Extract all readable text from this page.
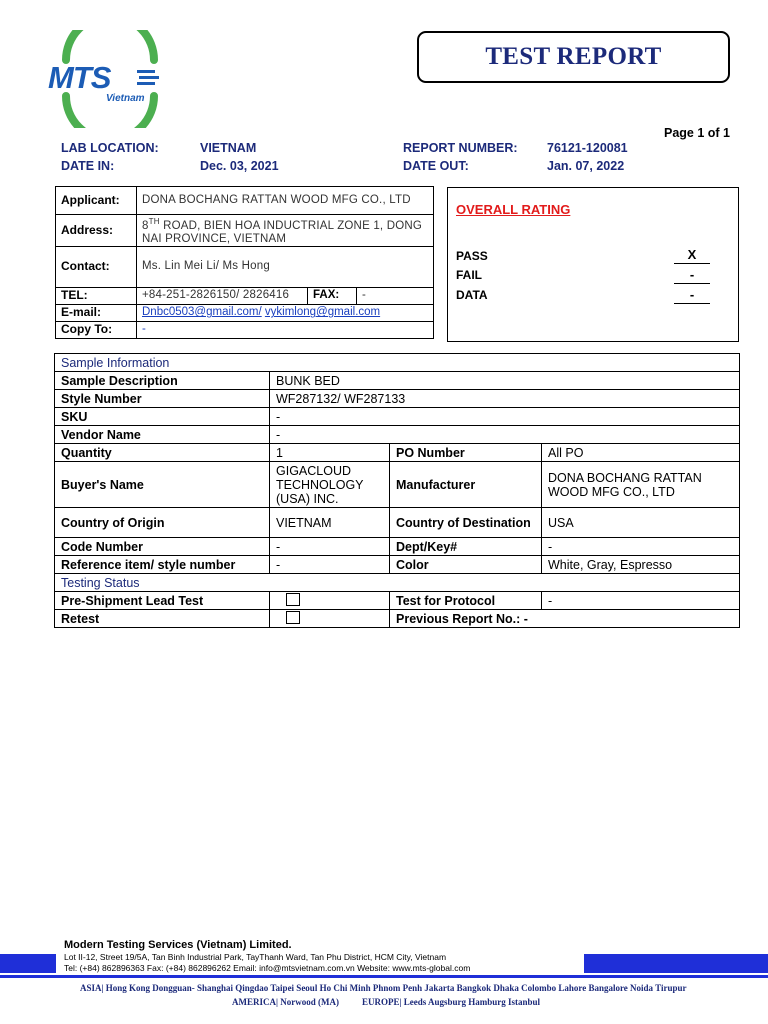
MTS
Vietnam
TEST REPORT
Page 1 of 1
LAB LOCATION:	VIETNAM
DATE IN:	Dec. 03, 2021
REPORT NUMBER: 76121-120081
DATE OUT:	Jan. 07, 2022
Applicant:	DONA BOCHANG RATTAN WOOD MFG CO., LTD		
Address:	8TH ROAD, BIEN HOA INDUCTRIAL ZONE 1, DONG NAI PROVINCE, VIETNAM		
Contact:	Ms. Lin Mei Li/ Ms Hong		
TEL:	+84-251-2826150/ 2826416	FAX:	-
E-mail:	Dnbc0503@gmail.com/ vykimlong@gmail.com		
Copy To:	-		
OVERALL RATING
PASS	X
FAIL	-
DATA	-
Sample Information			
Sample Description	BUNK BED		
Style Number	WF287132/ WF287133		
SKU	-		
Vendor Name	-		
Quantity	1	PO Number	All PO
Buyer's Name	GIGACLOUD TECHNOLOGY (USA) INC.	Manufacturer	DONA BOCHANG RATTAN WOOD MFG CO., LTD
Country of Origin	VIETNAM	Country of Destination	USA
Code Number	-	Dept/Key#	-
Reference item/ style number	-	Color	White, Gray, Espresso
Testing Status			
Pre-Shipment Lead Test		Test for Protocol	-
Retest		Previous Report No.: -	
Modern Testing Services (Vietnam) Limited.
Lot II-12, Street 19/5A, Tan Binh Industrial Park, TayThanh Ward, Tan Phu District, HCM City, Vietnam
Tel: (+84) 862896363 Fax: (+84) 862896262 Email: info@mtsvietnam.com.vn Website: www.mts-global.com
ASIA| Hong Kong Dongguan- Shanghai Qingdao Taipei Seoul Ho Chi Minh Phnom Penh Jakarta Bangkok Dhaka Colombo Lahore Bangalore Noida Tirupur
AMERICA| Norwood (MA)	EUROPE| Leeds Augsburg Hamburg Istanbul
